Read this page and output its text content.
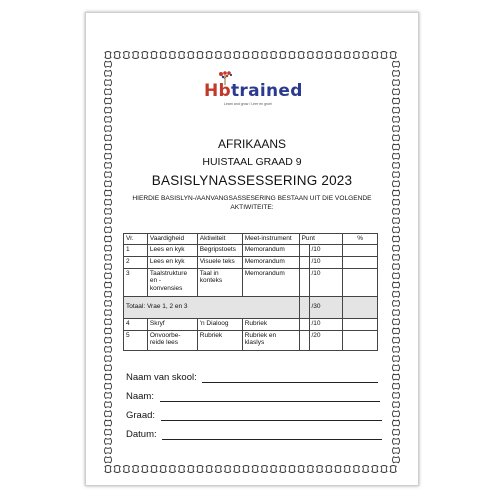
Hbtrained
Learn and grow / Leer en groei
AFRIKAANS
HUISTAAL GRAAD 9
BASISLYNASSESSERING 2023
HIERDIE BASISLYN-/AANVANGSASSESERING BESTAAN UIT DIE VOLGENDE AKTIWITEITE:
Vr.	Vaardigheid	Aktiwiteit	Meet-instrument	Punt		%
1	Lees en kyk	Begripstoets	Memorandum		/10	
2	Lees en kyk	Visuele teks	Memorandum		/10	
3	Taalstrukture en - konvensies	Taal in konteks	Memorandum		/10	
Totaal: Vrae 1, 2 en 3					/30	
4	Skryf	'n Dialoog	Rubriek		/10	
5	Onvoorbe-reide lees	Rubriek	Rubriek en klaslys		/20	
Naam van skool:
Naam:
Graad:
Datum:
